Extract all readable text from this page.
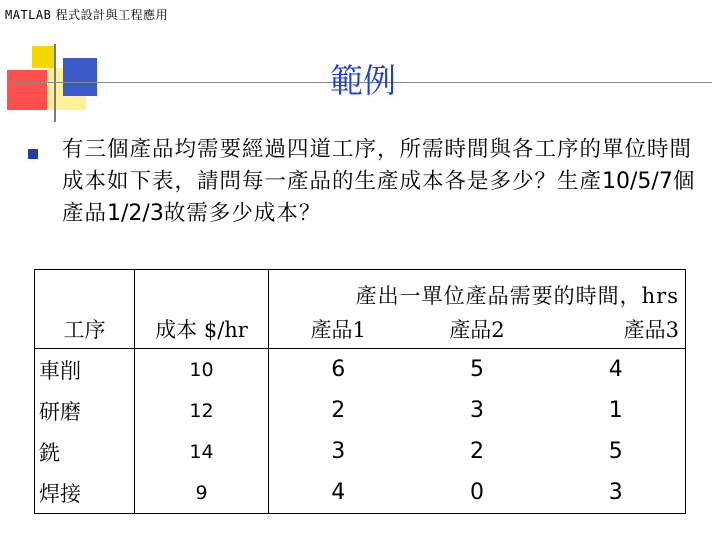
MATLAB 程式設計與工程應用
範例
有三個產品均需要經過四道工序，所需時間與各工序的單位時間成本如下表，請問每一產品的生產成本各是多少？生產10/5/7個產品1/2/3故需多少成本？
		產出一單位產品需要的時間，hrs		
工序	成本 $/hr	產品1	產品2	產品3
車削	10	6	5	4
研磨	12	2	3	1
銑	14	3	2	5
焊接	9	4	0	3
